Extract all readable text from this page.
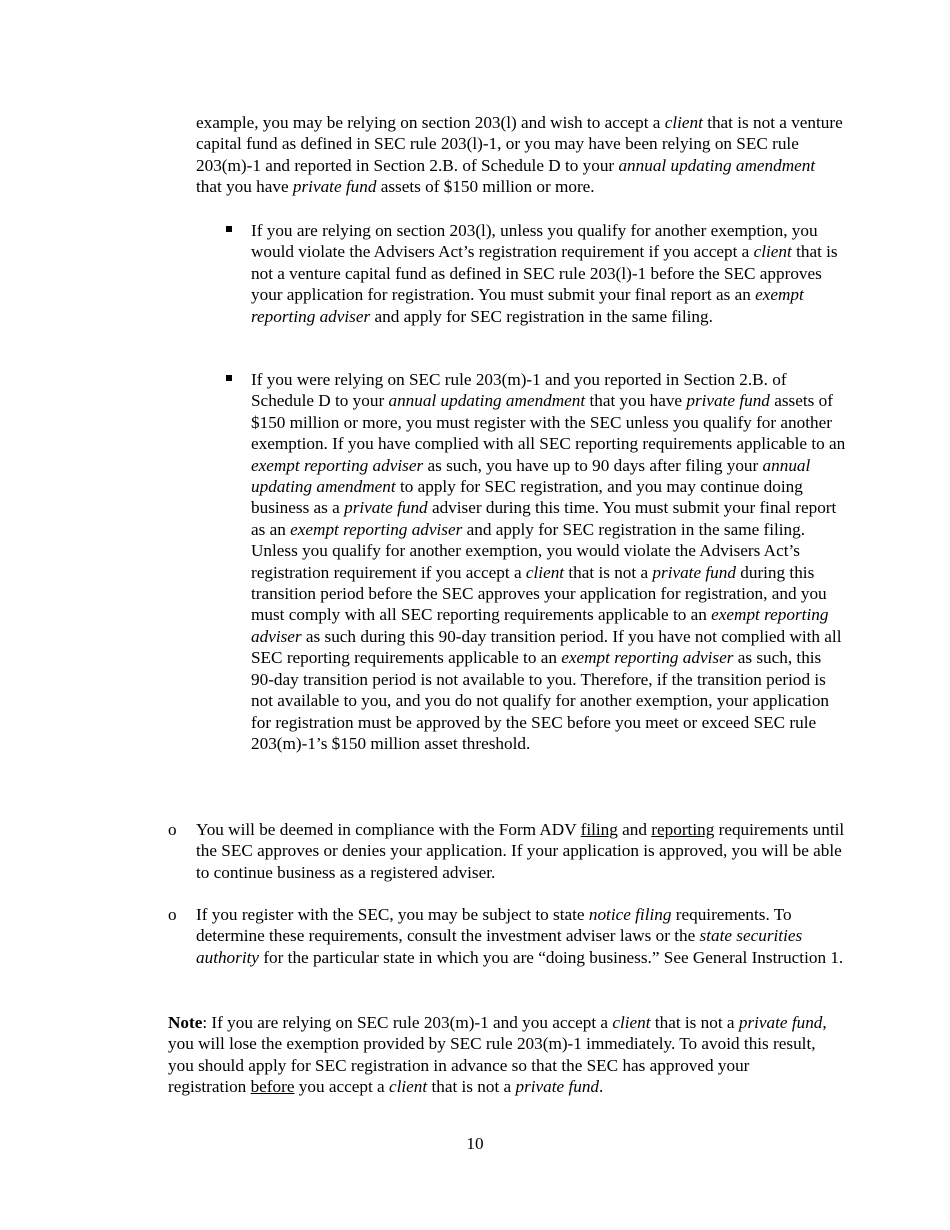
example, you may be relying on section 203(l) and wish to accept a client that is not a venture capital fund as defined in SEC rule 203(l)-1, or you may have been relying on SEC rule 203(m)-1 and reported in Section 2.B. of Schedule D to your annual updating amendment that you have private fund assets of $150 million or more.

If you are relying on section 203(l), unless you qualify for another exemption, you would violate the Advisers Act’s registration requirement if you accept a client that is not a venture capital fund as defined in SEC rule 203(l)-1 before the SEC approves your application for registration. You must submit your final report as an exempt reporting adviser and apply for SEC registration in the same filing.

If you were relying on SEC rule 203(m)-1 and you reported in Section 2.B. of Schedule D to your annual updating amendment that you have private fund assets of $150 million or more, you must register with the SEC unless you qualify for another exemption. If you have complied with all SEC reporting requirements applicable to an exempt reporting adviser as such, you have up to 90 days after filing your annual updating amendment to apply for SEC registration, and you may continue doing business as a private fund adviser during this time. You must submit your final report as an exempt reporting adviser and apply for SEC registration in the same filing. Unless you qualify for another exemption, you would violate the Advisers Act’s registration requirement if you accept a client that is not a private fund during this transition period before the SEC approves your application for registration, and you must comply with all SEC reporting requirements applicable to an exempt reporting adviser as such during this 90-day transition period. If you have not complied with all SEC reporting requirements applicable to an exempt reporting adviser as such, this 90-day transition period is not available to you. Therefore, if the transition period is not available to you, and you do not qualify for another exemption, your application for registration must be approved by the SEC before you meet or exceed SEC rule 203(m)-1’s $150 million asset threshold.

o You will be deemed in compliance with the Form ADV filing and reporting requirements until the SEC approves or denies your application. If your application is approved, you will be able to continue business as a registered adviser.

o If you register with the SEC, you may be subject to state notice filing requirements. To determine these requirements, consult the investment adviser laws or the state securities authority for the particular state in which you are “doing business.” See General Instruction 1.

Note: If you are relying on SEC rule 203(m)-1 and you accept a client that is not a private fund, you will lose the exemption provided by SEC rule 203(m)-1 immediately. To avoid this result, you should apply for SEC registration in advance so that the SEC has approved your registration before you accept a client that is not a private fund.

10
